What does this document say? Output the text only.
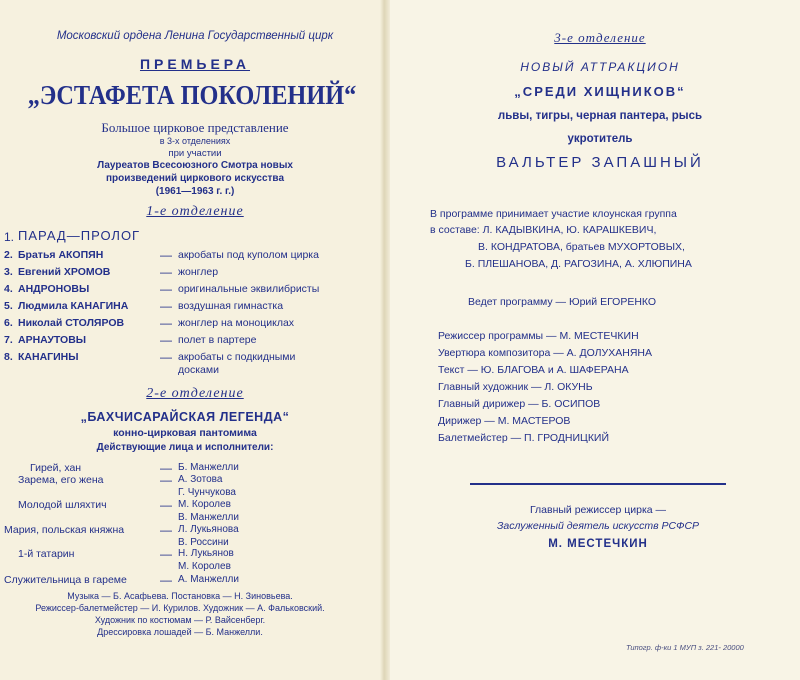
Московский ордена Ленина Государственный цирк
ПРЕМЬЕРА
„ЭСТАФЕТА ПОКОЛЕНИЙ“
Большое цирковое представление
в 3-х отделениях
при участии
Лауреатов Всесоюзного Смотра новых
произведений циркового искусства
(1961—1963 г. г.)
1-е отделение
1. ПАРАД—ПРОЛОГ
2. Братья АКОПЯН	— акробаты под куполом цирка
3. Евгений ХРОМОВ	— жонглер
4. АНДРОНОВЫ	— оригинальные эквилибристы
5. Людмила КАНАГИНА	— воздушная гимнастка
6. Николай СТОЛЯРОВ	— жонглер на моноциклах
7. АРНАУТОВЫ	— полет в партере
8. КАНАГИНЫ	— акробаты с подкидными
досками
2-е отделение
„БАХЧИСАРАЙСКАЯ ЛЕГЕНДА“
конно-цирковая пантомима
Действующие лица и исполнители:
Гирей, хан	— Б. Манжелли
Зарема, его жена	— А. Зотова
Г. Чунчукова
Молодой шляхтич	— М. Королев
В. Манжелли
Мария, польская княжна	— Л. Лукьянова
В. Россини
1-й татарин	— Н. Лукьянов
М. Королев
Служительница в гареме	— А. Манжелли
Музыка — Б. Асафьева. Постановка — Н. Зиновьева.
Режиссер-балетмейстер — И. Курилов. Художник — А. Фальковский.
Художник по костюмам — Р. Вайсенберг.
Дрессировка лошадей — Б. Манжелли.
3-е отделение
НОВЫЙ АТТРАКЦИОН
„СРЕДИ ХИЩНИКОВ“
львы, тигры, черная пантера, рысь
укротитель
ВАЛЬТЕР ЗАПАШНЫЙ
В программе принимает участие клоунская группа
в составе: Л. КАДЫВКИНА, Ю. КАРАШКЕВИЧ,
В. КОНДРАТОВА, братьев МУХОРТОВЫХ,
Б. ПЛЕШАНОВА, Д. РАГОЗИНА, А. ХЛЮПИНА
Ведет программу — Юрий ЕГОРЕНКО
Режиссер программы — М. МЕСТЕЧКИН
Увертюра композитора — А. ДОЛУХАНЯНА
Текст — Ю. БЛАГОВА и А. ШАФЕРАНА
Главный художник — Л. ОКУНЬ
Главный дирижер — Б. ОСИПОВ
Дирижер — М. МАСТЕРОВ
Балетмейстер — П. ГРОДНИЦКИЙ
Главный режиссер цирка —
Заслуженный деятель искусств РСФСР
М. МЕСТЕЧКИН
Типогр. ф-ки 1 МУП з. 221- 20000
